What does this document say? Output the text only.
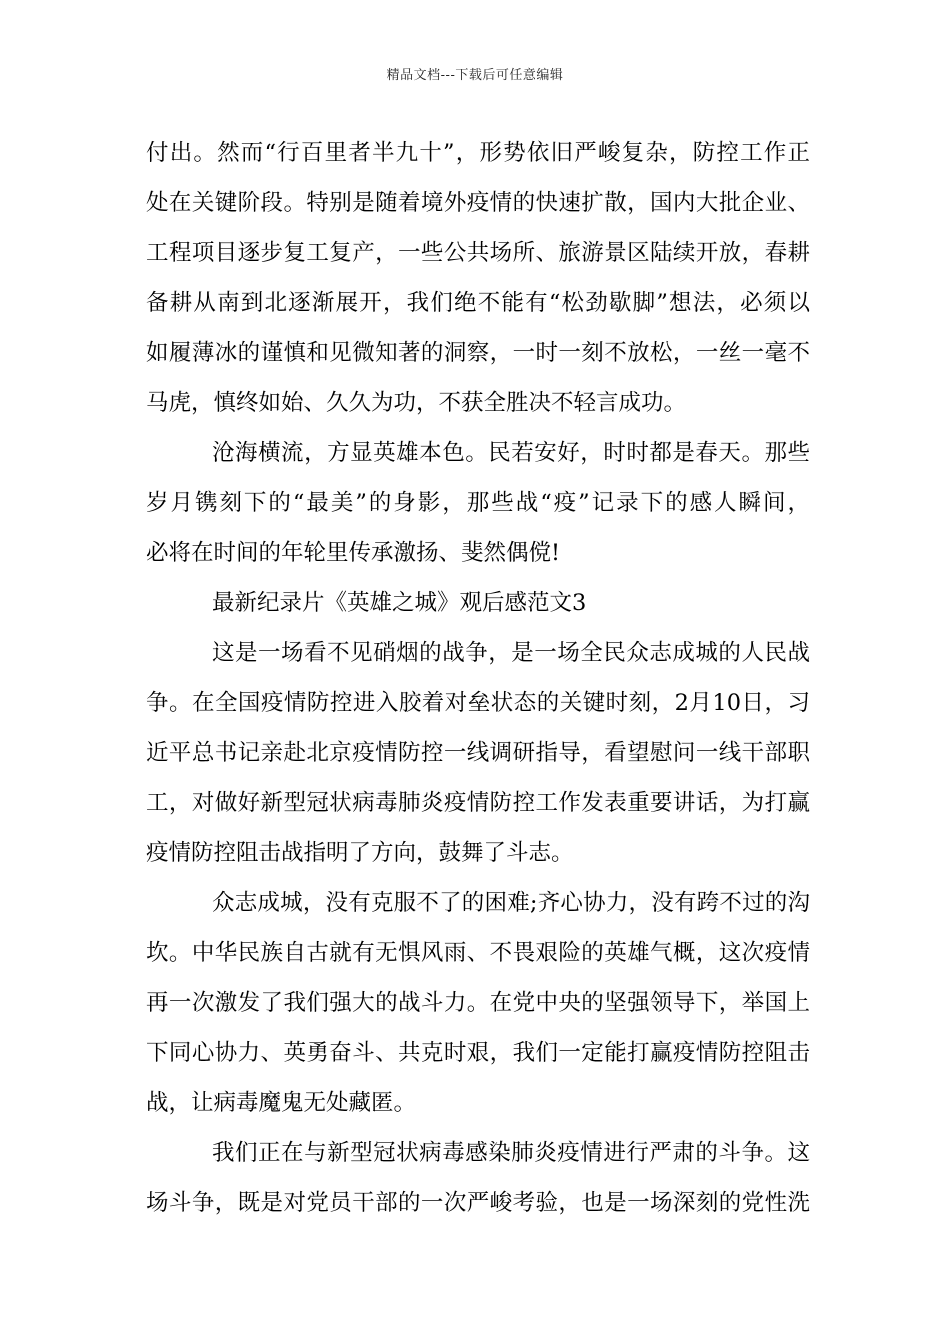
精品文档---下载后可任意编辑
付出。然而“行百里者半九十”，形势依旧严峻复杂，防控工作正
处在关键阶段。特别是随着境外疫情的快速扩散，国内大批企业、
工程项目逐步复工复产，一些公共场所、旅游景区陆续开放，春耕
备耕从南到北逐渐展开，我们绝不能有“松劲歇脚”想法，必须以
如履薄冰的谨慎和见微知著的洞察，一时一刻不放松，一丝一毫不
马虎，慎终如始、久久为功，不获全胜决不轻言成功。
沧海横流，方显英雄本色。民若安好，时时都是春天。那些
岁月镌刻下的“最美”的身影，那些战“疫”记录下的感人瞬间，
必将在时间的年轮里传承激扬、斐然偶傥!
最新纪录片《英雄之城》观后感范文3
这是一场看不见硝烟的战争，是一场全民众志成城的人民战
争。在全国疫情防控进入胶着对垒状态的关键时刻，2月10日，习
近平总书记亲赴北京疫情防控一线调研指导，看望慰问一线干部职
工，对做好新型冠状病毒肺炎疫情防控工作发表重要讲话，为打赢
疫情防控阻击战指明了方向，鼓舞了斗志。
众志成城，没有克服不了的困难;齐心协力，没有跨不过的沟
坎。中华民族自古就有无惧风雨、不畏艰险的英雄气概，这次疫情
再一次激发了我们强大的战斗力。在党中央的坚强领导下，举国上
下同心协力、英勇奋斗、共克时艰，我们一定能打赢疫情防控阻击
战，让病毒魔鬼无处藏匿。
我们正在与新型冠状病毒感染肺炎疫情进行严肃的斗争。这
场斗争，既是对党员干部的一次严峻考验，也是一场深刻的党性洗
